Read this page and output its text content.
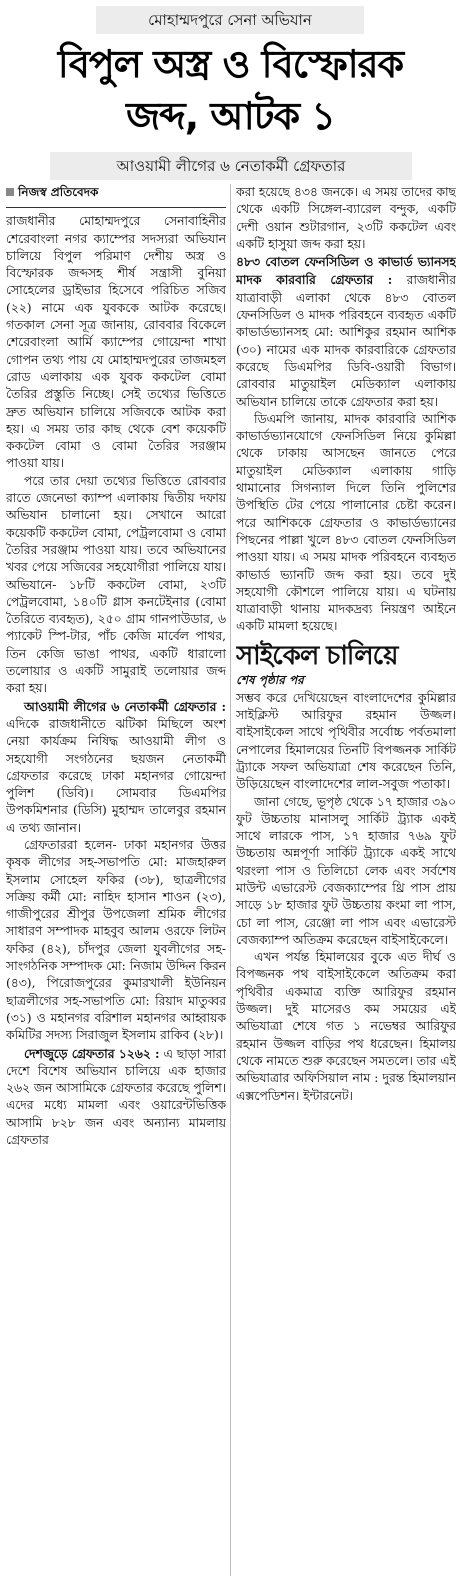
মোহাম্মদপুরে সেনা অভিযান
বিপুল অস্ত্র ও বিস্ফোরক
জব্দ, আটক ১
আওয়ামী লীগের ৬ নেতাকর্মী গ্রেফতার
নিজস্ব প্রতিবেদক

রাজধানীর মোহাম্মদপুরে সেনাবাহিনীর শেরেবাংলা নগর ক্যাম্পের সদস্যরা অভিযান চালিয়ে বিপুল পরিমাণ দেশীয় অস্ত্র ও বিস্ফোরক জব্দসহ শীর্ষ সন্ত্রাসী বুনিয়া সোহেলের ড্রাইভার হিসেবে পরিচিত সজিব (২২) নামে এক যুবককে আটক করেছে। গতকাল সেনা সূত্র জানায়, রোববার বিকেলে শেরেবাংলা আর্মি ক্যাম্পের গোয়েন্দা শাখা গোপন তথ্য পায় যে মোহাম্মদপুরের তাজমহল রোড এলাকায় এক যুবক ককটেল বোমা তৈরির প্রস্তুতি নিচ্ছে। সেই তথ্যের ভিত্তিতে দ্রুত অভিযান চালিয়ে সজিবকে আটক করা হয়। এ সময় তার কাছ থেকে বেশ কয়েকটি ককটেল বোমা ও বোমা তৈরির সরঞ্জাম পাওয়া যায়।

পরে তার দেয়া তথ্যের ভিত্তিতে রোববার রাতে জেনেভা ক্যাম্প এলাকায় দ্বিতীয় দফায় অভিযান চালানো হয়। সেখানে আরো কয়েকটি ককটেল বোমা, পেট্রলবোমা ও বোমা তৈরির সরঞ্জাম পাওয়া যায়। তবে অভিযানের খবর পেয়ে সজিবের সহযোগীরা পালিয়ে যায়। অভিযানে- ১৮টি ককটেল বোমা, ২৩টি পেট্রলবোমা, ১৪০টি গ্লাস কনটেইনার (বোমা তৈরিতে ব্যবহৃত), ২৫০ গ্রাম গানপাউডার, ৬ প্যাকেট স্পি-টার, পাঁচ কেজি মার্বেল পাথর, তিন কেজি ভাঙা পাথর, একটি ধারালো তলোয়ার ও একটি সামুরাই তলোয়ার জব্দ করা হয়।

আওয়ামী লীগের ৬ নেতাকর্মী গ্রেফতার : এদিকে রাজধানীতে ঝটিকা মিছিলে অংশ নেয়া কার্যক্রম নিষিদ্ধ আওয়ামী লীগ ও সহযোগী সংগঠনের ছয়জন নেতাকর্মী গ্রেফতার করেছে ঢাকা মহানগর গোয়েন্দা পুলিশ (ডিবি)। সোমবার ডিএমপির উপকমিশনার (ডিসি) মুহাম্মদ তালেবুর রহমান এ তথ্য জানান।

গ্রেফতাররা হলেন- ঢাকা মহানগর উত্তর কৃষক লীগের সহ-সভাপতি মো: মাজহারুল ইসলাম সোহেল ফকির (৩৮), ছাত্রলীগের সক্রিয় কর্মী মো: নাহিদ হাসান শাওন (২৩), গাজীপুরের শ্রীপুর উপজেলা শ্রমিক লীগের সাধারণ সম্পাদক মাহবুব আলম ওরফে লিটন ফকির (৪২), চাঁদপুর জেলা যুবলীগের সহ-সাংগঠনিক সম্পাদক মো: নিজাম উদ্দিন কিরন (৪৩), পিরোজপুরের কুমারখালী ইউনিয়ন ছাত্রলীগের সহ-সভাপতি মো: রিয়াদ মাতুব্বর (৩১) ও মহানগর বরিশাল মহানগর আহ্বায়ক কমিটির সদস্য সিরাজুল ইসলাম রাকিব (২৮)।

দেশজুড়ে গ্রেফতার ১২৬২ : এ ছাড়া সারা দেশে বিশেষ অভিযান চালিয়ে এক হাজার ২৬২ জন আসামিকে গ্রেফতার করেছে পুলিশ। এদের মধ্যে মামলা এবং ওয়ারেন্টভিত্তিক আসামি ৮২৮ জন এবং অন্যান্য মামলায় গ্রেফতার

করা হয়েছে ৪৩৪ জনকে। এ সময় তাদের কাছ থেকে একটি সিঙ্গেল-ব্যারেল বন্দুক, একটি দেশী ওয়ান শুটারগান, ২৩টি ককটেল এবং একটি হাসুয়া জব্দ করা হয়।

৪৮৩ বোতল ফেনসিডিল ও কাভার্ড ভ্যানসহ মাদক কারবারি গ্রেফতার : রাজধানীর যাত্রাবাড়ী এলাকা থেকে ৪৮৩ বোতল ফেনসিডিল ও মাদক পরিবহনে ব্যবহৃত একটি কাভার্ডভ্যানসহ মো: আশিকুর রহমান আশিক (৩০) নামের এক মাদক কারবারিকে গ্রেফতার করেছে ডিএমপির ডিবি-ওয়ারী বিভাগ। রোববার মাতুয়াইল মেডিক্যাল এলাকায় অভিযান চালিয়ে তাকে গ্রেফতার করা হয়।

ডিএমপি জানায়, মাদক কারবারি আশিক কাভার্ডভ্যানযোগে ফেনসিডিল নিয়ে কুমিল্লা থেকে ঢাকায় আসছেন জানতে পেরে মাতুয়াইল মেডিক্যাল এলাকায় গাড়ি থামানোর সিগন্যাল দিলে তিনি পুলিশের উপস্থিতি টের পেয়ে পালানোর চেষ্টা করেন। পরে আশিককে গ্রেফতার ও কাভার্ডভ্যানের পিছনের পাল্লা খুলে ৪৮৩ বোতল ফেনসিডিল পাওয়া যায়। এ সময় মাদক পরিবহনে ব্যবহৃত কাভার্ড ভ্যানটি জব্দ করা হয়। তবে দুই সহযোগী কৌশলে পালিয়ে যায়। এ ঘটনায় যাত্রাবাড়ী থানায় মাদকদ্রব্য নিয়ন্ত্রণ আইনে একটি মামলা হয়েছে।

সাইকেল চালিয়ে
শেষ পৃষ্ঠার পর

সম্ভব করে দেখিয়েছেন বাংলাদেশের কুমিল্লার সাইক্লিস্ট আরিফুর রহমান উজ্জল। বাইসাইকেল সাথে পৃথিবীর সর্বোচ্চ পর্বতমালা নেপালের হিমালয়ের তিনটি বিপজ্জনক সার্কিট ট্র্যাকে সফল অভিযাত্রা শেষ করেছেন তিনি, উড়িয়েছেন বাংলাদেশের লাল-সবুজ পতাকা।

জানা গেছে, ভূপৃষ্ঠ থেকে ১৭ হাজার ৩৯০ ফুট উচ্চতায় মানাসলু সার্কিট ট্র্যাক একই সাথে লারকে পাস, ১৭ হাজার ৭৬৯ ফুট উচ্চতায় অন্নপূর্ণা সার্কিট ট্র্যাকে একই সাথে থরংলা পাস ও তিলিচো লেক এবং সর্বশেষ মাউন্ট এভারেস্ট বেজক্যাম্পের থ্রি পাস প্রায় সাড়ে ১৮ হাজার ফুট উচ্চতায় কংমা লা পাস, চো লা পাস, রেঞ্জো লা পাস এবং এভারেস্ট বেজক্যাম্প অতিক্রম করেছেন বাইসাইকেলে।

এখন পর্যন্ত হিমালয়ের বুকে এত দীর্ঘ ও বিপজ্জনক পথ বাইসাইকেলে অতিক্রম করা পৃথিবীর একমাত্র ব্যক্তি আরিফুর রহমান উজ্জল। দুই মাসেরও কম সময়ের এই অভিযাত্রা শেষে গত ১ নভেম্বর আরিফুর রহমান উজ্জল বাড়ির পথ ধরেছেন। হিমালয় থেকে নামতে শুরু করেছেন সমতলে। তার এই অভিযাত্রার অফিসিয়াল নাম : দুরন্ত হিমালয়ান এক্সপেডিশন। ইন্টারনেট।
